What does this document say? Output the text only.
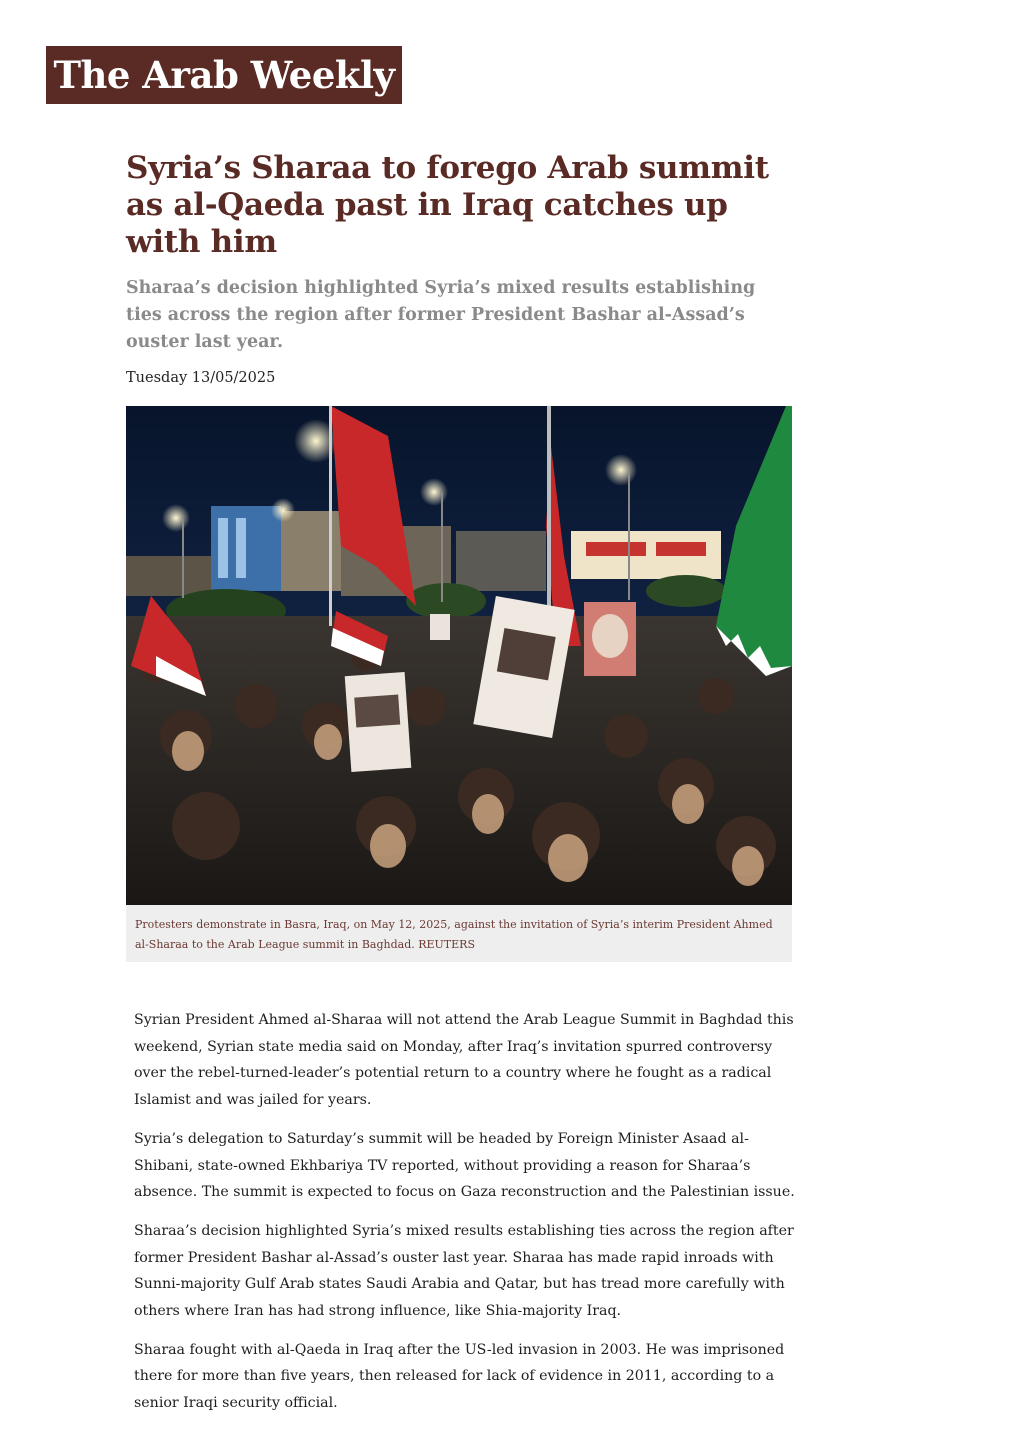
The Arab Weekly
Syria’s Sharaa to forego Arab summit as al-Qaeda past in Iraq catches up with him

Sharaa’s decision highlighted Syria’s mixed results establishing ties across the region after former President Bashar al-Assad’s ouster last year.

Tuesday 13/05/2025
Protesters demonstrate in Basra, Iraq, on May 12, 2025, against the invitation of Syria’s interim President Ahmed al-Sharaa to the Arab League summit in Baghdad. REUTERS

Syrian President Ahmed al-Sharaa will not attend the Arab League Summit in Baghdad this weekend, Syrian state media said on Monday, after Iraq’s invitation spurred controversy over the rebel-turned-leader’s potential return to a country where he fought as a radical Islamist and was jailed for years.

Syria’s delegation to Saturday’s summit will be headed by Foreign Minister Asaad al-Shibani, state-owned Ekhbariya TV reported, without providing a reason for Sharaa’s absence. The summit is expected to focus on Gaza reconstruction and the Palestinian issue.

Sharaa’s decision highlighted Syria’s mixed results establishing ties across the region after former President Bashar al-Assad’s ouster last year. Sharaa has made rapid inroads with Sunni-majority Gulf Arab states Saudi Arabia and Qatar, but has tread more carefully with others where Iran has had strong influence, like Shia-majority Iraq.

Sharaa fought with al-Qaeda in Iraq after the US-led invasion in 2003. He was imprisoned there for more than five years, then released for lack of evidence in 2011, according to a senior Iraqi security official.
